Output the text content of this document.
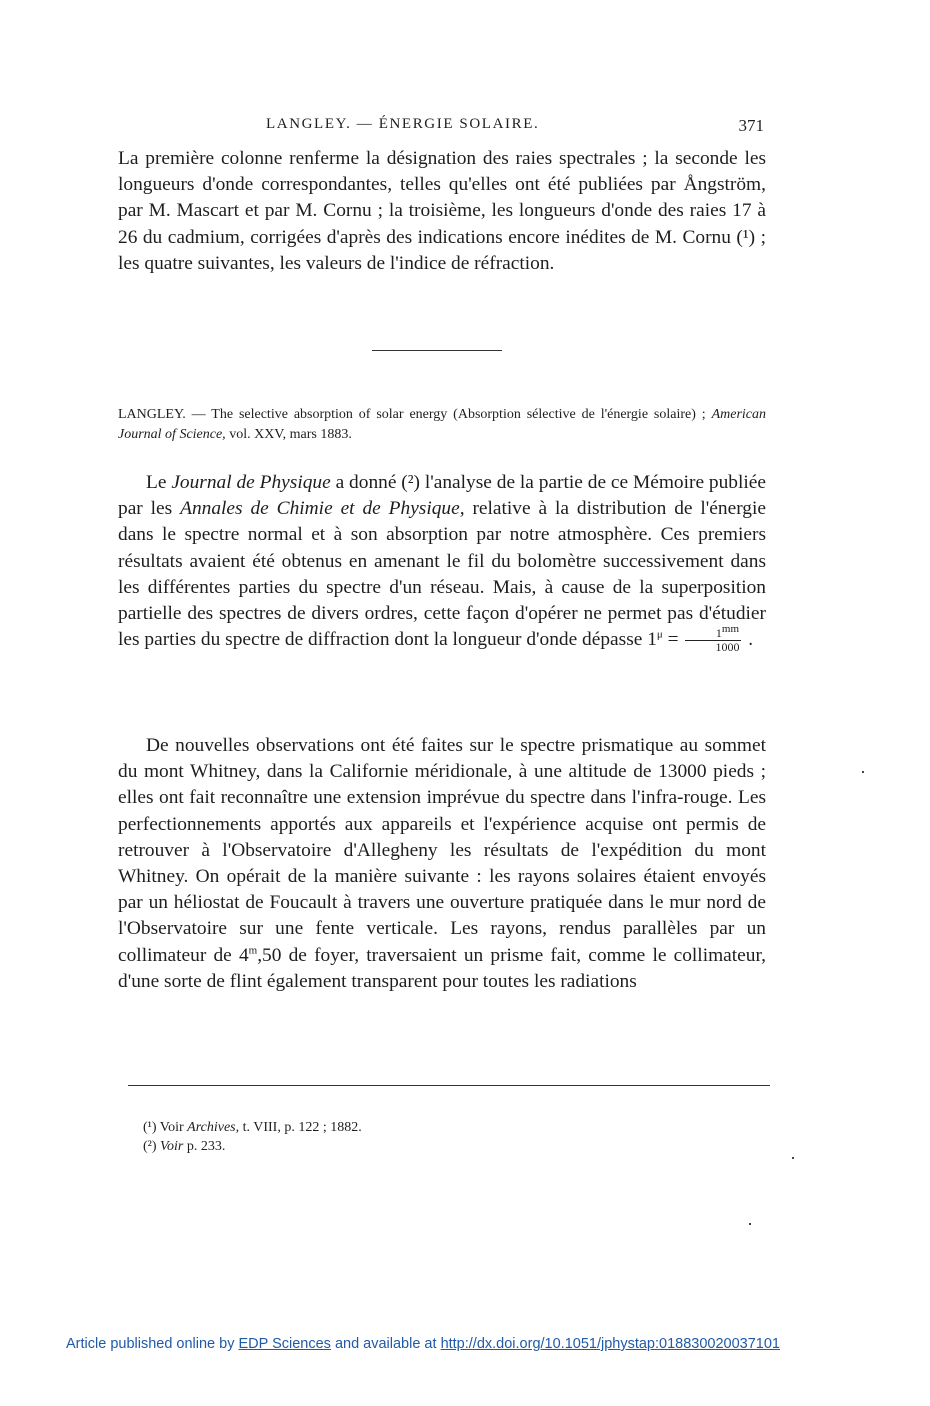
LANGLEY. — ÉNERGIE SOLAIRE.	371

La première colonne renferme la désignation des raies spectrales ; la seconde les longueurs d'onde correspondantes, telles qu'elles ont été publiées par Ångström, par M. Mascart et par M. Cornu ; la troisième, les longueurs d'onde des raies 17 à 26 du cadmium, corrigées d'après des indications encore inédites de M. Cornu (¹) ; les quatre suivantes, les valeurs de l'indice de réfraction.

LANGLEY. — The selective absorption of solar energy (Absorption sélective de l'énergie solaire) ; American Journal of Science, vol. XXV, mars 1883.

Le Journal de Physique a donné (²) l'analyse de la partie de ce Mémoire publiée par les Annales de Chimie et de Physique, relative à la distribution de l'énergie dans le spectre normal et à son absorption par notre atmosphère. Ces premiers résultats avaient été obtenus en amenant le fil du bolomètre successivement dans les différentes parties du spectre d'un réseau. Mais, à cause de la superposition partielle des spectres de divers ordres, cette façon d'opérer ne permet pas d'étudier les parties du spectre de diffraction dont la longueur d'onde dépasse $1^\mu = \frac{1^{mm}}{1000}$ .

De nouvelles observations ont été faites sur le spectre prismatique au sommet du mont Whitney, dans la Californie méridionale, à une altitude de 13000 pieds ; elles ont fait reconnaître une extension imprévue du spectre dans l'infra-rouge. Les perfectionnements apportés aux appareils et l'expérience acquise ont permis de retrouver à l'Observatoire d'Allegheny les résultats de l'expédition du mont Whitney. On opérait de la manière suivante : les rayons solaires étaient envoyés par un héliostat de Foucault à travers une ouverture pratiquée dans le mur nord de l'Observatoire sur une fente verticale. Les rayons, rendus parallèles par un collimateur de 4$^m$,50 de foyer, traversaient un prisme fait, comme le collimateur, d'une sorte de flint également transparent pour toutes les radiations

(¹) Voir Archives, t. VIII, p. 122 ; 1882.
(²) Voir p. 233.
Article published online by EDP Sciences and available at http://dx.doi.org/10.1051/jphystap:018830020037101
